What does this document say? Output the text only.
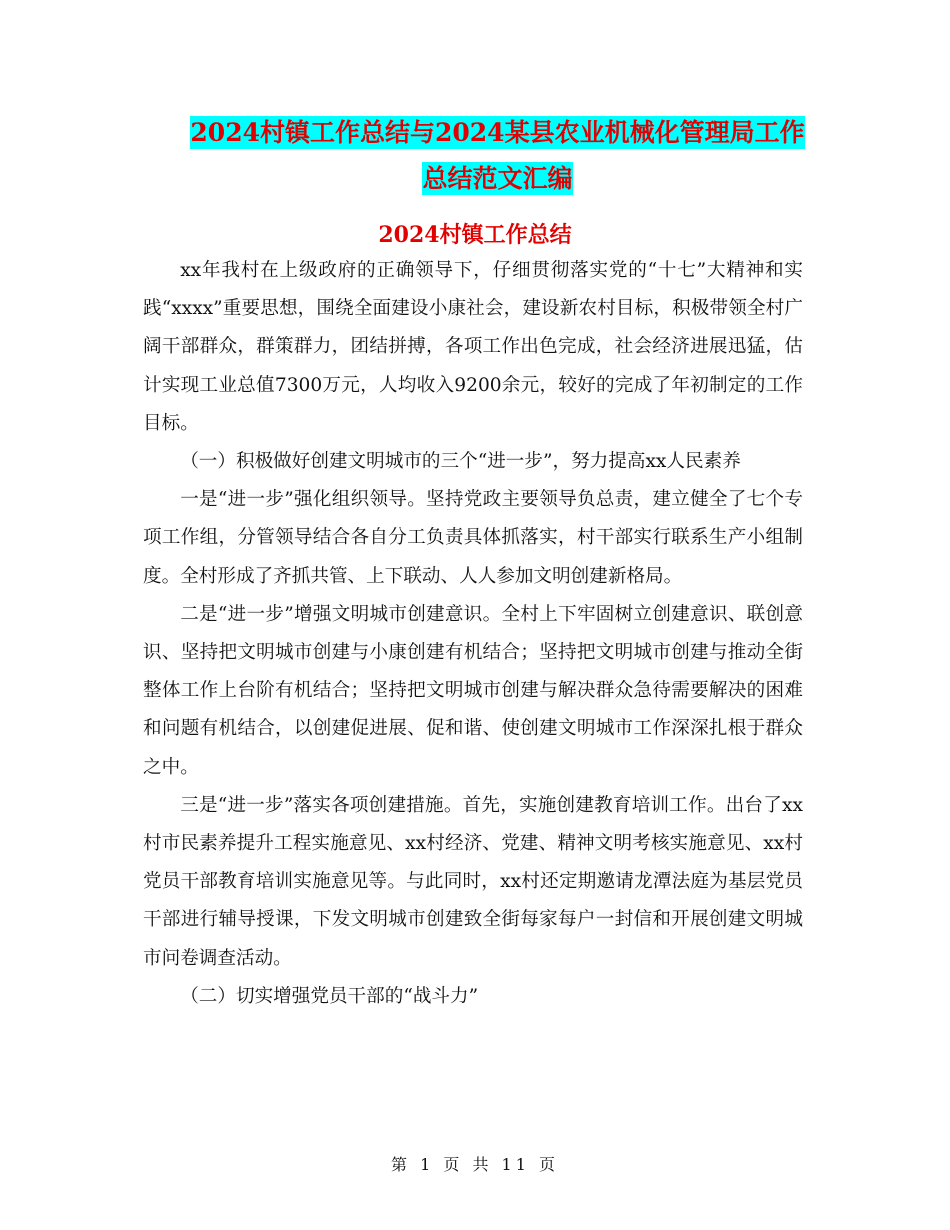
2024村镇工作总结与2024某县农业机械化管理局工作
总结范文汇编
2024村镇工作总结

xx年我村在上级政府的正确领导下，仔细贯彻落实党的“十七”大精神和实践“xxxx”重要思想，围绕全面建设小康社会，建设新农村目标，积极带领全村广阔干部群众，群策群力，团结拼搏，各项工作出色完成，社会经济进展迅猛，估计实现工业总值7300万元，人均收入9200余元，较好的完成了年初制定的工作目标。

（一）积极做好创建文明城市的三个“进一步”，努力提高xx人民素养

一是“进一步”强化组织领导。坚持党政主要领导负总责，建立健全了七个专项工作组，分管领导结合各自分工负责具体抓落实，村干部实行联系生产小组制度。全村形成了齐抓共管、上下联动、人人参加文明创建新格局。

二是“进一步”增强文明城市创建意识。全村上下牢固树立创建意识、联创意识、坚持把文明城市创建与小康创建有机结合；坚持把文明城市创建与推动全街整体工作上台阶有机结合；坚持把文明城市创建与解决群众急待需要解决的困难和问题有机结合，以创建促进展、促和谐、使创建文明城市工作深深扎根于群众之中。

三是“进一步”落实各项创建措施。首先，实施创建教育培训工作。出台了xx村市民素养提升工程实施意见、xx村经济、党建、精神文明考核实施意见、xx村党员干部教育培训实施意见等。与此同时，xx村还定期邀请龙潭法庭为基层党员干部进行辅导授课，下发文明城市创建致全街每家每户一封信和开展创建文明城市问卷调查活动。

（二）切实增强党员干部的“战斗力”

第 1 页 共 11 页
